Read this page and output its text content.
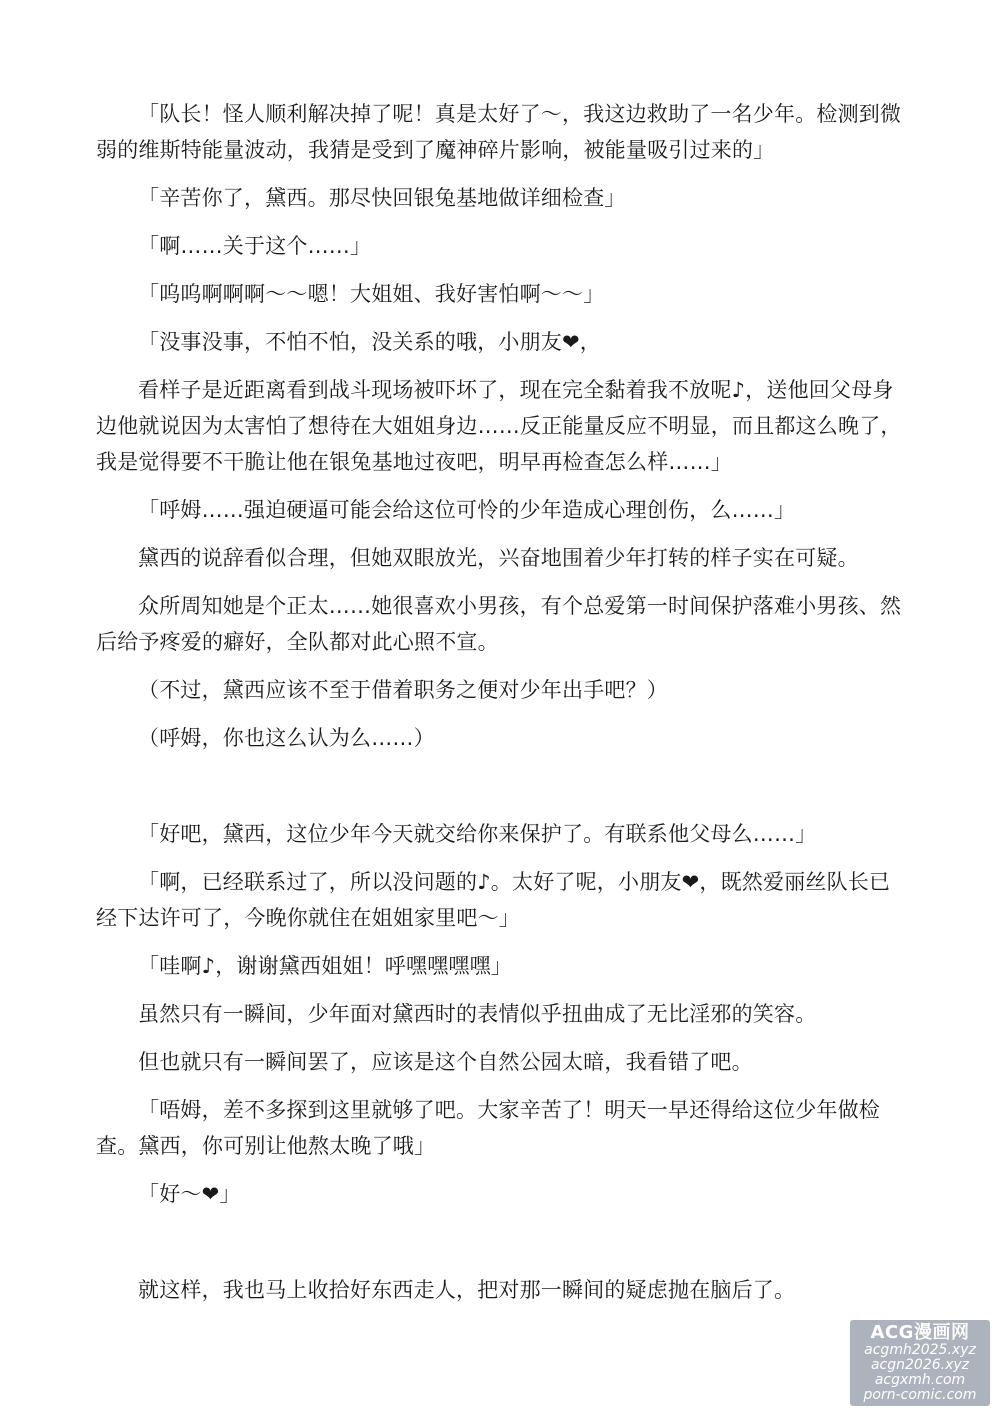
「队长！怪人顺利解决掉了呢！真是太好了～，我这边救助了一名少年。检测到微弱的维斯特能量波动，我猜是受到了魔神碎片影响，被能量吸引过来的」

「辛苦你了，黛西。那尽快回银兔基地做详细检查」

「啊……关于这个……」

「呜呜啊啊啊～～嗯！大姐姐、我好害怕啊～～」

「没事没事，不怕不怕，没关系的哦，小朋友❤，

看样子是近距离看到战斗现场被吓坏了，现在完全黏着我不放呢♪，送他回父母身边他就说因为太害怕了想待在大姐姐身边……反正能量反应不明显，而且都这么晚了，我是觉得要不干脆让他在银兔基地过夜吧，明早再检查怎么样……」

「呼姆……强迫硬逼可能会给这位可怜的少年造成心理创伤，么……」

黛西的说辞看似合理，但她双眼放光，兴奋地围着少年打转的样子实在可疑。

众所周知她是个正太……她很喜欢小男孩，有个总爱第一时间保护落难小男孩、然后给予疼爱的癖好，全队都对此心照不宣。

（不过，黛西应该不至于借着职务之便对少年出手吧？）

（呼姆，你也这么认为么……）

「好吧，黛西，这位少年今天就交给你来保护了。有联系他父母么……」

「啊，已经联系过了，所以没问题的♪。太好了呢，小朋友❤，既然爱丽丝队长已经下达许可了，今晚你就住在姐姐家里吧～」

「哇啊♪，谢谢黛西姐姐！呼嘿嘿嘿嘿」

虽然只有一瞬间，少年面对黛西时的表情似乎扭曲成了无比淫邪的笑容。

但也就只有一瞬间罢了，应该是这个自然公园太暗，我看错了吧。

「唔姆，差不多探到这里就够了吧。大家辛苦了！明天一早还得给这位少年做检查。黛西，你可别让他熬太晚了哦」

「好～❤」

就这样，我也马上收拾好东西走人，把对那一瞬间的疑虑抛在脑后了。

ACG漫画网
acgmh2025.xyz
acgn2026.xyz
acgxmh.com
porn-comic.com
